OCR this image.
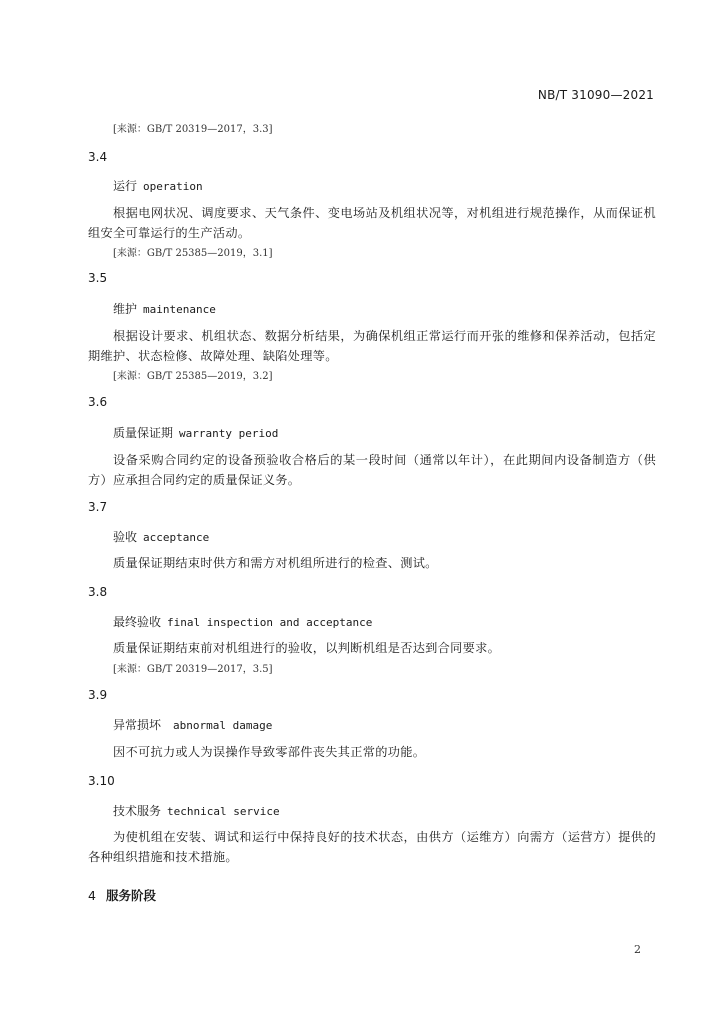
NB/T 31090—2021
[来源：GB/T 20319—2017，3.3]
3.4
运行 operation
根据电网状况、调度要求、天气条件、变电场站及机组状况等，对机组进行规范操作，从而保证机组安全可靠运行的生产活动。
[来源：GB/T 25385—2019，3.1]
3.5
维护 maintenance
根据设计要求、机组状态、数据分析结果，为确保机组正常运行而开张的维修和保养活动，包括定期维护、状态检修、故障处理、缺陷处理等。
[来源：GB/T 25385—2019，3.2]
3.6
质量保证期 warranty period
设备采购合同约定的设备预验收合格后的某一段时间（通常以年计），在此期间内设备制造方（供方）应承担合同约定的质量保证义务。
3.7
验收 acceptance
质量保证期结束时供方和需方对机组所进行的检查、测试。
3.8
最终验收 final inspection and acceptance
质量保证期结束前对机组进行的验收，以判断机组是否达到合同要求。
[来源：GB/T 20319—2017，3.5]
3.9
异常损坏 abnormal damage
因不可抗力或人为误操作导致零部件丧失其正常的功能。
3.10
技术服务 technical service
为使机组在安装、调试和运行中保持良好的技术状态，由供方（运维方）向需方（运营方）提供的各种组织措施和技术措施。
4 服务阶段
2
